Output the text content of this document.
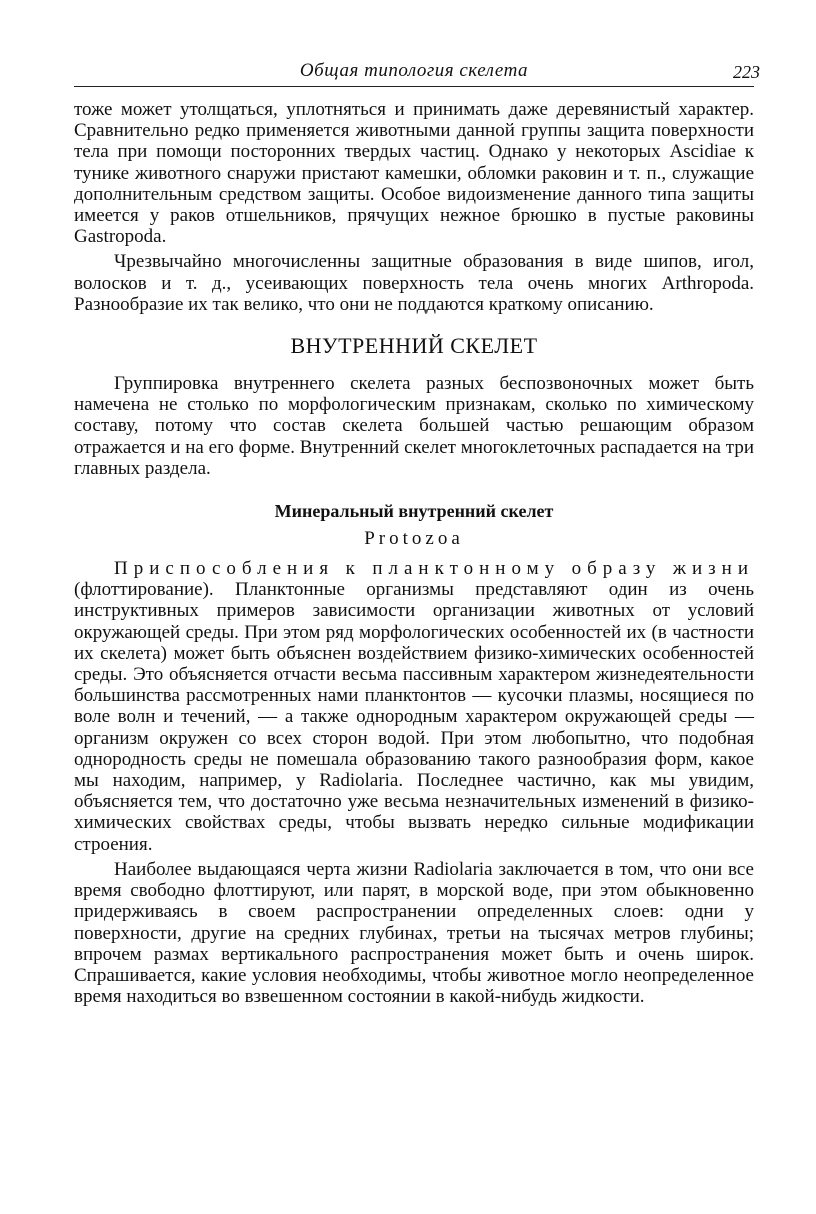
Общая типология скелета	223

тоже может утолщаться, уплотняться и принимать даже деревянистый характер. Сравнительно редко применяется животными данной группы защита поверхности тела при помощи посторонних твердых частиц. Однако у некоторых Ascidiae к тунике животного снаружи пристают камешки, обломки раковин и т. п., служащие дополнительным средством защиты. Особое видоизменение данного типа защиты имеется у раков отшельников, прячущих нежное брюшко в пустые раковины Gastropoda.

Чрезвычайно многочисленны защитные образования в виде шипов, игол, волосков и т. д., усеивающих поверхность тела очень многих Arthropoda. Разнообразие их так велико, что они не поддаются краткому описанию.

ВНУТРЕННИЙ СКЕЛЕТ

Группировка внутреннего скелета разных беспозвоночных может быть намечена не столько по морфологическим признакам, сколько по химическому составу, потому что состав скелета большей частью решающим образом отражается и на его форме. Внутренний скелет многоклеточных распадается на три главных раздела.

Минеральный внутренний скелет
Protozoa

Приспособления к планктонному образу жизни (флоттирование). Планктонные организмы представляют один из очень инструктивных примеров зависимости организации животных от условий окружающей среды. При этом ряд морфологических особенностей их (в частности их скелета) может быть объяснен воздействием физико-химических особенностей среды. Это объясняется отчасти весьма пассивным характером жизнедеятельности большинства рассмотренных нами планктонтов — кусочки плазмы, носящиеся по воле волн и течений, — а также однородным характером окружающей среды — организм окружен со всех сторон водой. При этом любопытно, что подобная однородность среды не помешала образованию такого разнообразия форм, какое мы находим, например, у Radiolaria. Последнее частично, как мы увидим, объясняется тем, что достаточно уже весьма незначительных изменений в физико-химических свойствах среды, чтобы вызвать нередко сильные модификации строения.

Наиболее выдающаяся черта жизни Radiolaria заключается в том, что они все время свободно флоттируют, или парят, в морской воде, при этом обыкновенно придерживаясь в своем распространении определенных слоев: одни у поверхности, другие на средних глубинах, третьи на тысячах метров глубины; впрочем размах вертикального распространения может быть и очень широк. Спрашивается, какие условия необходимы, чтобы животное могло неопределенное время находиться во взвешенном состоянии в какой-нибудь жидкости.
